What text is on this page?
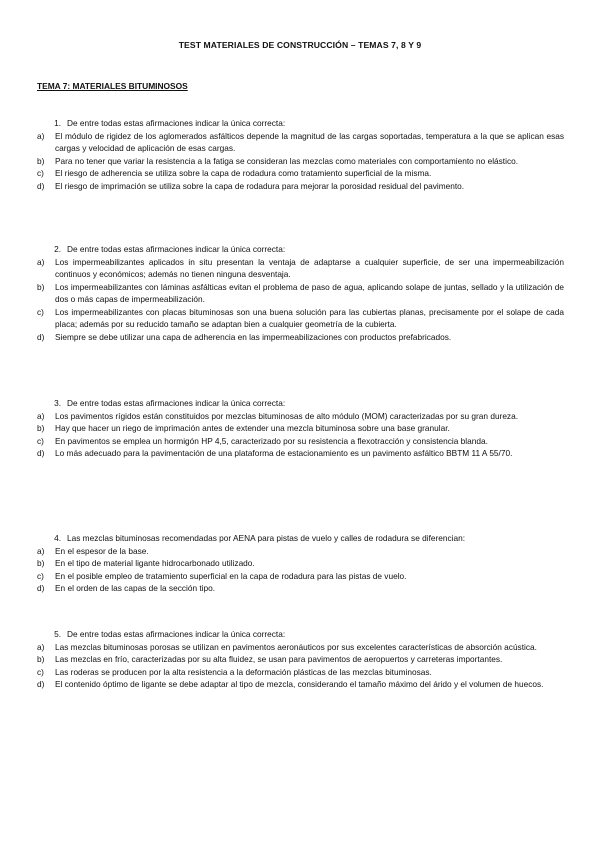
TEST MATERIALES DE CONSTRUCCIÓN – TEMAS 7, 8 Y 9
TEMA 7: MATERIALES BITUMINOSOS
1. De entre todas estas afirmaciones indicar la única correcta:
a)	El módulo de rigidez de los aglomerados asfálticos depende la magnitud de las cargas soportadas, temperatura a la que se aplican esas cargas y velocidad de aplicación de esas cargas.
b)	Para no tener que variar la resistencia a la fatiga se consideran las mezclas como materiales con comportamiento no elástico.
c)	El riesgo de adherencia se utiliza sobre la capa de rodadura como tratamiento superficial de la misma.
d)	El riesgo de imprimación se utiliza sobre la capa de rodadura para mejorar la porosidad residual del pavimento.
2. De entre todas estas afirmaciones indicar la única correcta:
a)	Los impermeabilizantes aplicados in situ presentan la ventaja de adaptarse a cualquier superficie, de ser una impermeabilización continuos y económicos; además no tienen ninguna desventaja.
b)	Los impermeabilizantes con láminas asfálticas evitan el problema de paso de agua, aplicando solape de juntas, sellado y la utilización de dos o más capas de impermeabilización.
c)	Los impermeabilizantes con placas bituminosas son una buena solución para las cubiertas planas, precisamente por el solape de cada placa; además por su reducido tamaño se adaptan bien a cualquier geometría de la cubierta.
d)	Siempre se debe utilizar una capa de adherencia en las impermeabilizaciones con productos prefabricados.
3. De entre todas estas afirmaciones indicar la única correcta:
a)	Los pavimentos rígidos están constituidos por mezclas bituminosas de alto módulo (MOM) caracterizadas por su gran dureza.
b)	Hay que hacer un riego de imprimación antes de extender una mezcla bituminosa sobre una base granular.
c)	En pavimentos se emplea un hormigón HP 4,5, caracterizado por su resistencia a flexotracción y consistencia blanda.
d)	Lo más adecuado para la pavimentación de una plataforma de estacionamiento es un pavimento asfáltico BBTM 11 A 55/70.
4. Las mezclas bituminosas recomendadas por AENA para pistas de vuelo y calles de rodadura se diferencian:
a)	En el espesor de la base.
b)	En el tipo de material ligante hidrocarbonado utilizado.
c)	En el posible empleo de tratamiento superficial en la capa de rodadura para las pistas de vuelo.
d)	En el orden de las capas de la sección tipo.
5. De entre todas estas afirmaciones indicar la única correcta:
a)	Las mezclas bituminosas porosas se utilizan en pavimentos aeronáuticos por sus excelentes características de absorción acústica.
b)	Las mezclas en frío, caracterizadas por su alta fluidez, se usan para pavimentos de aeropuertos y carreteras importantes.
c)	Las roderas se producen por la alta resistencia a la deformación plásticas de las mezclas bituminosas.
d)	El contenido óptimo de ligante se debe adaptar al tipo de mezcla, considerando el tamaño máximo del árido y el volumen de huecos.
